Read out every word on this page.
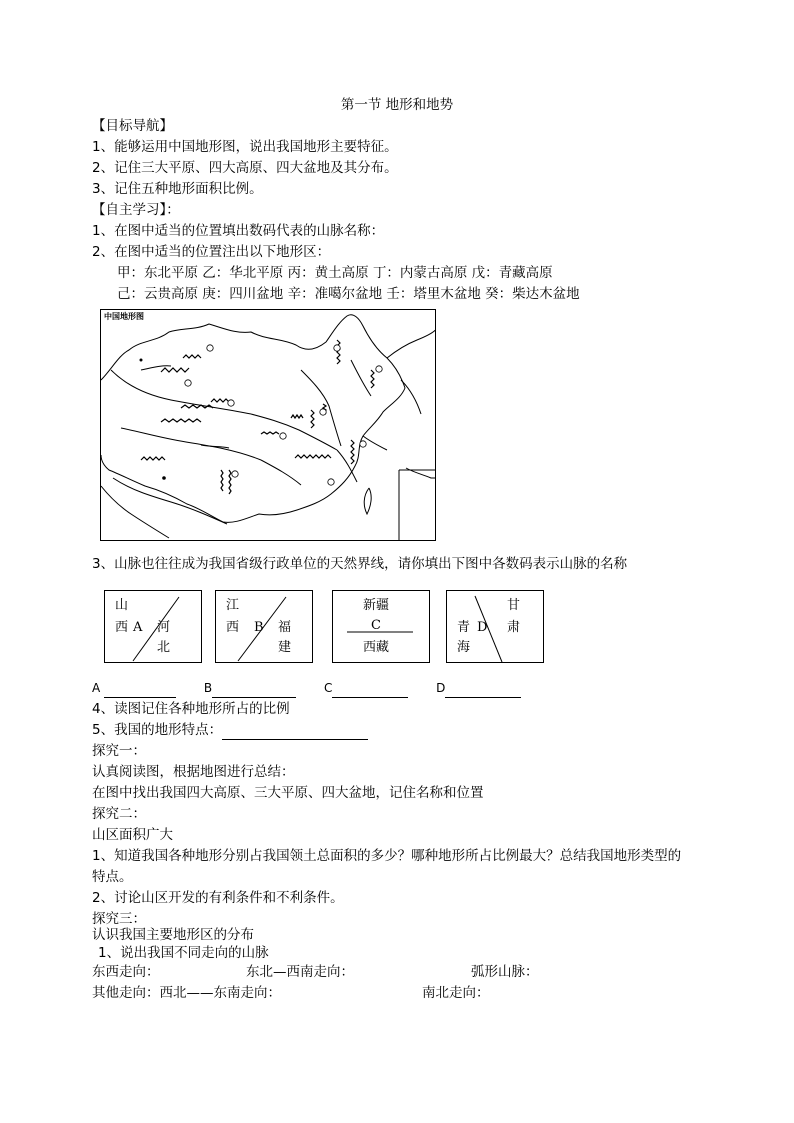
第一节 地形和地势
【目标导航】
1、能够运用中国地形图，说出我国地形主要特征。
2、记住三大平原、四大高原、四大盆地及其分布。
3、记住五种地形面积比例。
【自主学习】：
1、在图中适当的位置填出数码代表的山脉名称：
2、在图中适当的位置注出以下地形区：
甲：东北平原 乙：华北平原 丙：黄土高原 丁：内蒙古高原 戊：青藏高原
己：云贵高原 庚：四川盆地 辛：准噶尔盆地 壬：塔里木盆地 癸：柴达木盆地
中国地形图
3、山脉也往往成为我国省级行政单位的天然界线，请你填出下图中各数码表示山脉的名称
山
西 A 河
北
江
西 B 福
建
新疆
C
西藏
甘
青 D 肃
海
A	B	C	D
4、读图记住各种地形所占的比例
5、我国的地形特点：
探究一：
认真阅读图，根据地图进行总结：
在图中找出我国四大高原、三大平原、四大盆地，记住名称和位置
探究二：
山区面积广大
1、知道我国各种地形分别占我国领土总面积的多少？哪种地形所占比例最大？总结我国地形类型的
特点。
2、讨论山区开发的有利条件和不利条件。
探究三：
认识我国主要地形区的分布
1、说出我国不同走向的山脉
东西走向：	东北—西南走向：	弧形山脉：
其他走向：西北——东南走向：	南北走向：
